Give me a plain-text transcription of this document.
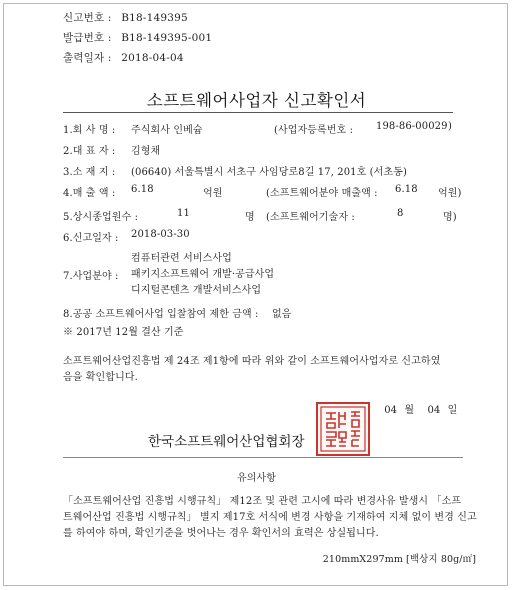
신고번호 : B18-149395
발급번호 : B18-149395-001
출력일자 : 2018-04-04
소프트웨어사업자 신고확인서
1.회 사 명 : 주식회사 인베슘	(사업자등록번호 : 198-86-00029 )
2.대 표 자 : 김형채
3.소 재 지 : (06640) 서울특별시 서초구 사임당로8길 17, 201호 (서초동)
4.매 출 액 : 6.18	억원	(소프트웨어분야 매출액 : 6.18 억원)
5.상시종업원수 :	11	명 (소프트웨어기술자 :	8	명)
6.신고일자 : 2018-03-30
7.사업분야 :
컴퓨터관련 서비스사업
패키지소프트웨어 개발·공급사업
디지털콘텐츠 개발서비스사업
8.공공 소프트웨어사업 입찰참여 제한 금액 : 없음
※ 2017년 12월 결산 기준
소프트웨어산업진흥법 제 24조 제1항에 따라 위와 같이 소프트웨어사업자로 신고하였
음을 확인합니다.
04 월 04 일
한국소프트웨어산업협회장
유의사항
「소프트웨어산업 진흥법 시행규칙」 제12조 및 관련 고시에 따라 변경사유 발생시 「소프
트웨어산업 진흥법 시행규칙」 별지 제17호 서식에 변경 사항을 기재하여 지체 없이 변경 신고
를 하여야 하며, 확인기준을 벗어나는 경우 확인서의 효력은 상실됩니다.
210mmX297mm [백상지 80g/㎡]
